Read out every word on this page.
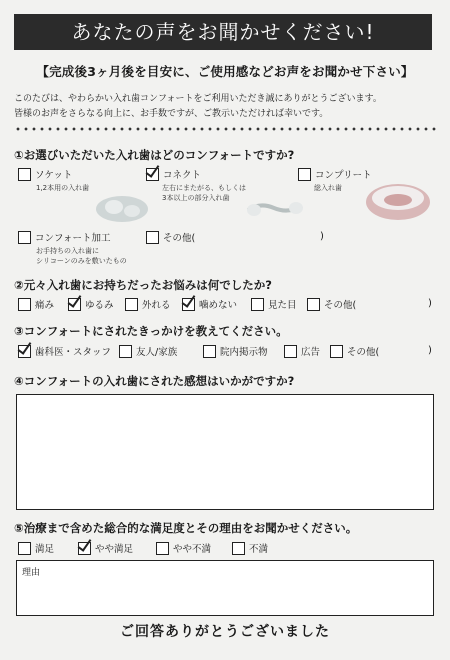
あなたの声をお聞かせください!
【完成後3ヶ月後を目安に、ご使用感などお声をお聞かせ下さい】
このたびは、やわらかい入れ歯コンフォートをご利用いただき誠にありがとうございます。
皆様のお声をさらなる向上に、お手数ですが、ご教示いただければ幸いです。
①お選びいただいた入れ歯はどのコンフォートですか?
ソケット
1,2本用の入れ歯
コネクト
左右にまたがる、もしくは
3本以上の部分入れ歯
コンプリート
総入れ歯
コンフォート加工
お手持ちの入れ歯に
シリコーンのみを敷いたもの
その他(	)
②元々入れ歯にお持ちだったお悩みは何でしたか?
痛み	ゆるみ	外れる	噛めない	見た目	その他(	)
③コンフォートにされたきっかけを教えてください。
歯科医・スタッフ	友人/家族	院内掲示物	広告	その他(	)
④コンフォートの入れ歯にされた感想はいかがですか?
⑤治療まで含めた総合的な満足度とその理由をお聞かせください。
満足	やや満足	やや不満	不満
理由
ご回答ありがとうございました
